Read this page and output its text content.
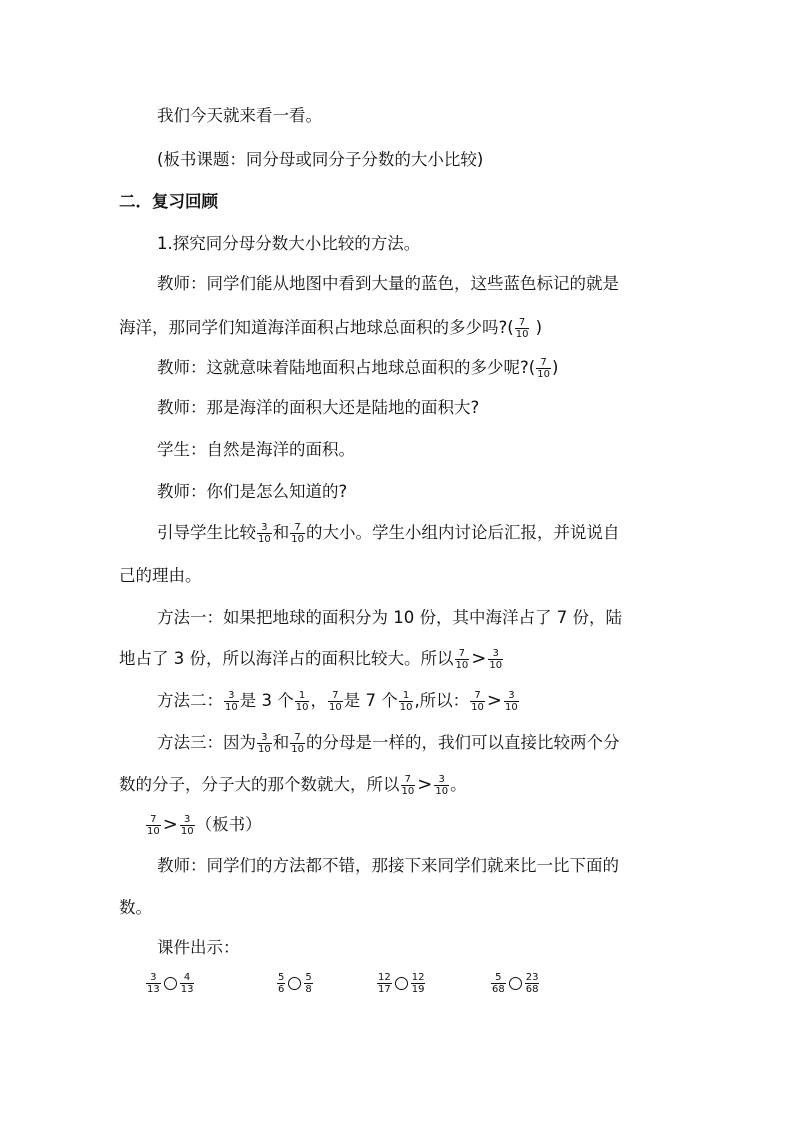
我们今天就来看一看。
(板书课题：同分母或同分子分数的大小比较)
二．复习回顾
1.探究同分母分数大小比较的方法。
教师：同学们能从地图中看到大量的蓝色，这些蓝色标记的就是
海洋，那同学们知道海洋面积占地球总面积的多少吗?( $\frac{7}{10}$ )
教师：这就意味着陆地面积占地球总面积的多少呢?( $\frac{7}{10}$ )
教师：那是海洋的面积大还是陆地的面积大?
学生：自然是海洋的面积。
教师：你们是怎么知道的?
引导学生比较 $\frac{3}{10}$ 和 $\frac{7}{10}$ 的大小。学生小组内讨论后汇报，并说说自
己的理由。
方法一：如果把地球的面积分为 10 份，其中海洋占了 7 份，陆
地占了 3 份，所以海洋占的面积比较大。所以 $\frac{7}{10} > \frac{3}{10}$
方法二： $\frac{3}{10}$ 是 3 个 $\frac{1}{10}$ ， $\frac{7}{10}$ 是 7 个 $\frac{1}{10}$ ,所以： $\frac{7}{10} > \frac{3}{10}$
方法三：因为 $\frac{3}{10}$ 和 $\frac{7}{10}$ 的分母是一样的，我们可以直接比较两个分
数的分子，分子大的那个数就大，所以 $\frac{7}{10} > \frac{3}{10}$ 。
$\frac{7}{10} > \frac{3}{10}$ （板书）
教师：同学们的方法都不错，那接下来同学们就来比一比下面的
数。
课件出示：
$\frac{3}{13} \frac{4}{13}$	$\frac{5}{6} \frac{5}{8}$	$\frac{12}{17} \frac{12}{19}$	$\frac{5}{68} \frac{23}{68}$
